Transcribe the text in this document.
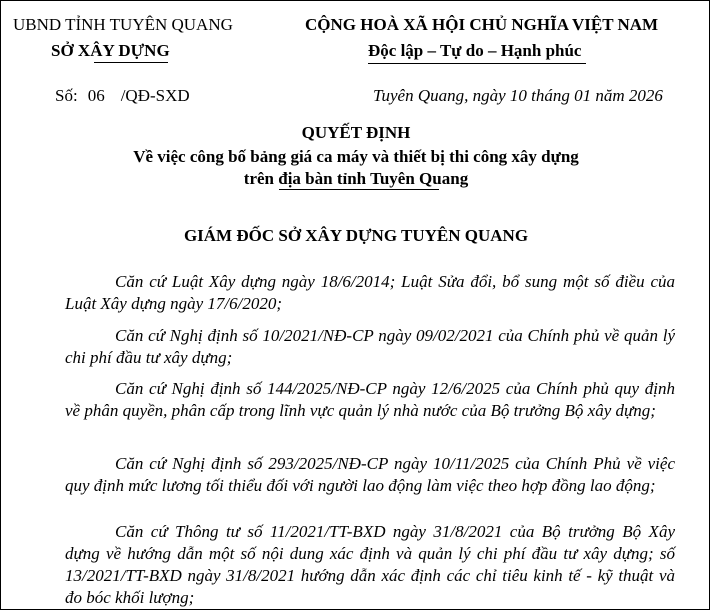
UBND TỈNH TUYÊN QUANG
SỞ XÂY DỰNG
CỘNG HOÀ XÃ HỘI CHỦ NGHĨA VIỆT NAM
Độc lập – Tự do – Hạnh phúc
Số: 06 /QĐ-SXD	Tuyên Quang, ngày 10 tháng 01 năm 2026
QUYẾT ĐỊNH
Về việc công bố bảng giá ca máy và thiết bị thi công xây dựng
trên địa bàn tỉnh Tuyên Quang
GIÁM ĐỐC SỞ XÂY DỰNG TUYÊN QUANG

Căn cứ Luật Xây dựng ngày 18/6/2014; Luật Sửa đổi, bổ sung một số điều của Luật Xây dựng ngày 17/6/2020;

Căn cứ Nghị định số 10/2021/NĐ-CP ngày 09/02/2021 của Chính phủ về quản lý chi phí đầu tư xây dựng;

Căn cứ Nghị định số 144/2025/NĐ-CP ngày 12/6/2025 của Chính phủ quy định về phân quyền, phân cấp trong lĩnh vực quản lý nhà nước của Bộ trưởng Bộ xây dựng;

Căn cứ Nghị định số 293/2025/NĐ-CP ngày 10/11/2025 của Chính Phủ về việc quy định mức lương tối thiểu đối với người lao động làm việc theo hợp đồng lao động;

Căn cứ Thông tư số 11/2021/TT-BXD ngày 31/8/2021 của Bộ trưởng Bộ Xây dựng về hướng dẫn một số nội dung xác định và quản lý chi phí đầu tư xây dựng; số 13/2021/TT-BXD ngày 31/8/2021 hướng dẫn xác định các chỉ tiêu kinh tế - kỹ thuật và đo bóc khối lượng;
